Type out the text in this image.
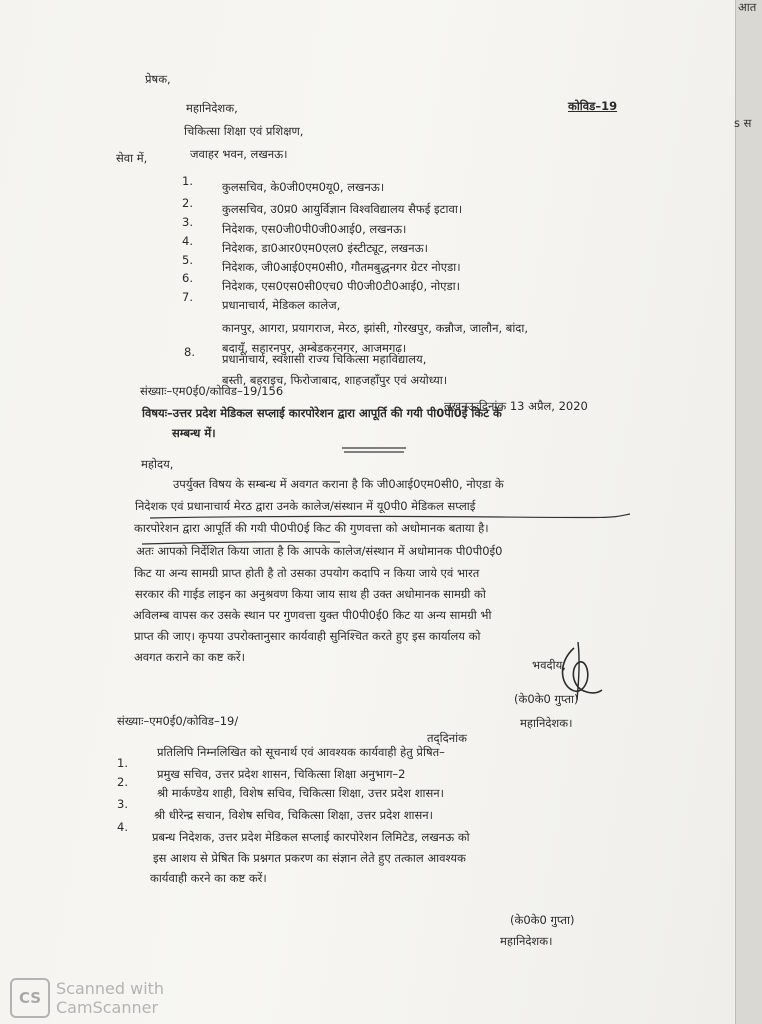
आत
s स
प्रेषक,
महानिदेशक,
चिकित्सा शिक्षा एवं प्रशिक्षण,
जवाहर भवन, लखनऊ।
कोविड–19
सेवा में,
1.	कुलसचिव, के0जी0एम0यू0, लखनऊ।
2.	कुलसचिव, उ0प्र0 आयुर्विज्ञान विश्वविद्यालय सैफई इटावा।
3.	निदेशक, एस0जी0पी0जी0आई0, लखनऊ।
4.	निदेशक, डा0आर0एम0एल0 इंस्टीट्यूट, लखनऊ।
5.	निदेशक, जी0आई0एम0सी0, गौतमबुद्धनगर ग्रेटर नोएडा।
6.
निदेशक, एस0एस0सी0एच0 पी0जी0टी0आई0, नोएडा।
7.
प्रधानाचार्य, मेडिकल कालेज,
कानपुर, आगरा, प्रयागराज, मेरठ, झांसी, गोरखपुर, कन्नौज, जालौन, बांदा,
बदायूँ, सहारनपुर, अम्बेडकरनगर, आजमगढ़।
8. प्रधानाचार्य, स्वशासी राज्य चिकित्सा महाविद्यालय,
बस्ती, बहराइच, फिरोजाबाद, शाहजहाँपुर एवं अयोध्या।
संख्याः–एम0ई0/कोविड–19/156
लखनऊःदिनांक 13 अप्रैल, 2020
विषयः–उत्तर प्रदेश मेडिकल सप्लाई कारपोरेशन द्वारा आपूर्ति की गयी पी0पी0ई किट के
सम्बन्ध में।
महोदय,
उपर्युक्त विषय के सम्बन्ध में अवगत कराना है कि जी0आई0एम0सी0, नोएडा के
निदेशक एवं प्रधानाचार्य मेरठ द्वारा उनके कालेज/संस्थान में यू0पी0 मेडिकल सप्लाई
कारपोरेशन द्वारा आपूर्ति की गयी पी0पी0ई किट की गुणवत्ता को अधोमानक बताया है।
अतः आपको निर्देशित किया जाता है कि आपके कालेज/संस्थान में अधोमानक पी0पी0ई0
किट या अन्य सामग्री प्राप्त होती है तो उसका उपयोग कदापि न किया जाये एवं भारत
सरकार की गाईड लाइन का अनुश्रवण किया जाय साथ ही उक्त अधोमानक सामग्री को
अविलम्ब वापस कर उसके स्थान पर गुणवत्ता युक्त पी0पी0ई0 किट या अन्य सामग्री भी
प्राप्त की जाए। कृपया उपरोक्तानुसार कार्यवाही सुनिश्चित करते हुए इस कार्यालय को
अवगत कराने का कष्ट करें।
भवदीय,
(के0के0 गुप्ता)
महानिदेशक।
संख्याः–एम0ई0/कोविड–19/
तद्‌दिनांक
प्रतिलिपि निम्नलिखित को सूचनार्थ एवं आवश्यक कार्यवाही हेतु प्रेषित–
1.
प्रमुख सचिव, उत्तर प्रदेश शासन, चिकित्सा शिक्षा अनुभाग–2
2.
श्री मार्कण्डेय शाही, विशेष सचिव, चिकित्सा शिक्षा, उत्तर प्रदेश शासन।
3.
श्री धीरेन्द्र सचान, विशेष सचिव, चिकित्सा शिक्षा, उत्तर प्रदेश शासन।
4.
प्रबन्ध निदेशक, उत्तर प्रदेश मेडिकल सप्लाई कारपोरेशन लिमिटेड, लखनऊ को
इस आशय से प्रेषित कि प्रश्नगत प्रकरण का संज्ञान लेते हुए तत्काल आवश्यक
कार्यवाही करने का कष्ट करें।
(के0के0 गुप्ता)
महानिदेशक।
CS Scanned with
CamScanner
